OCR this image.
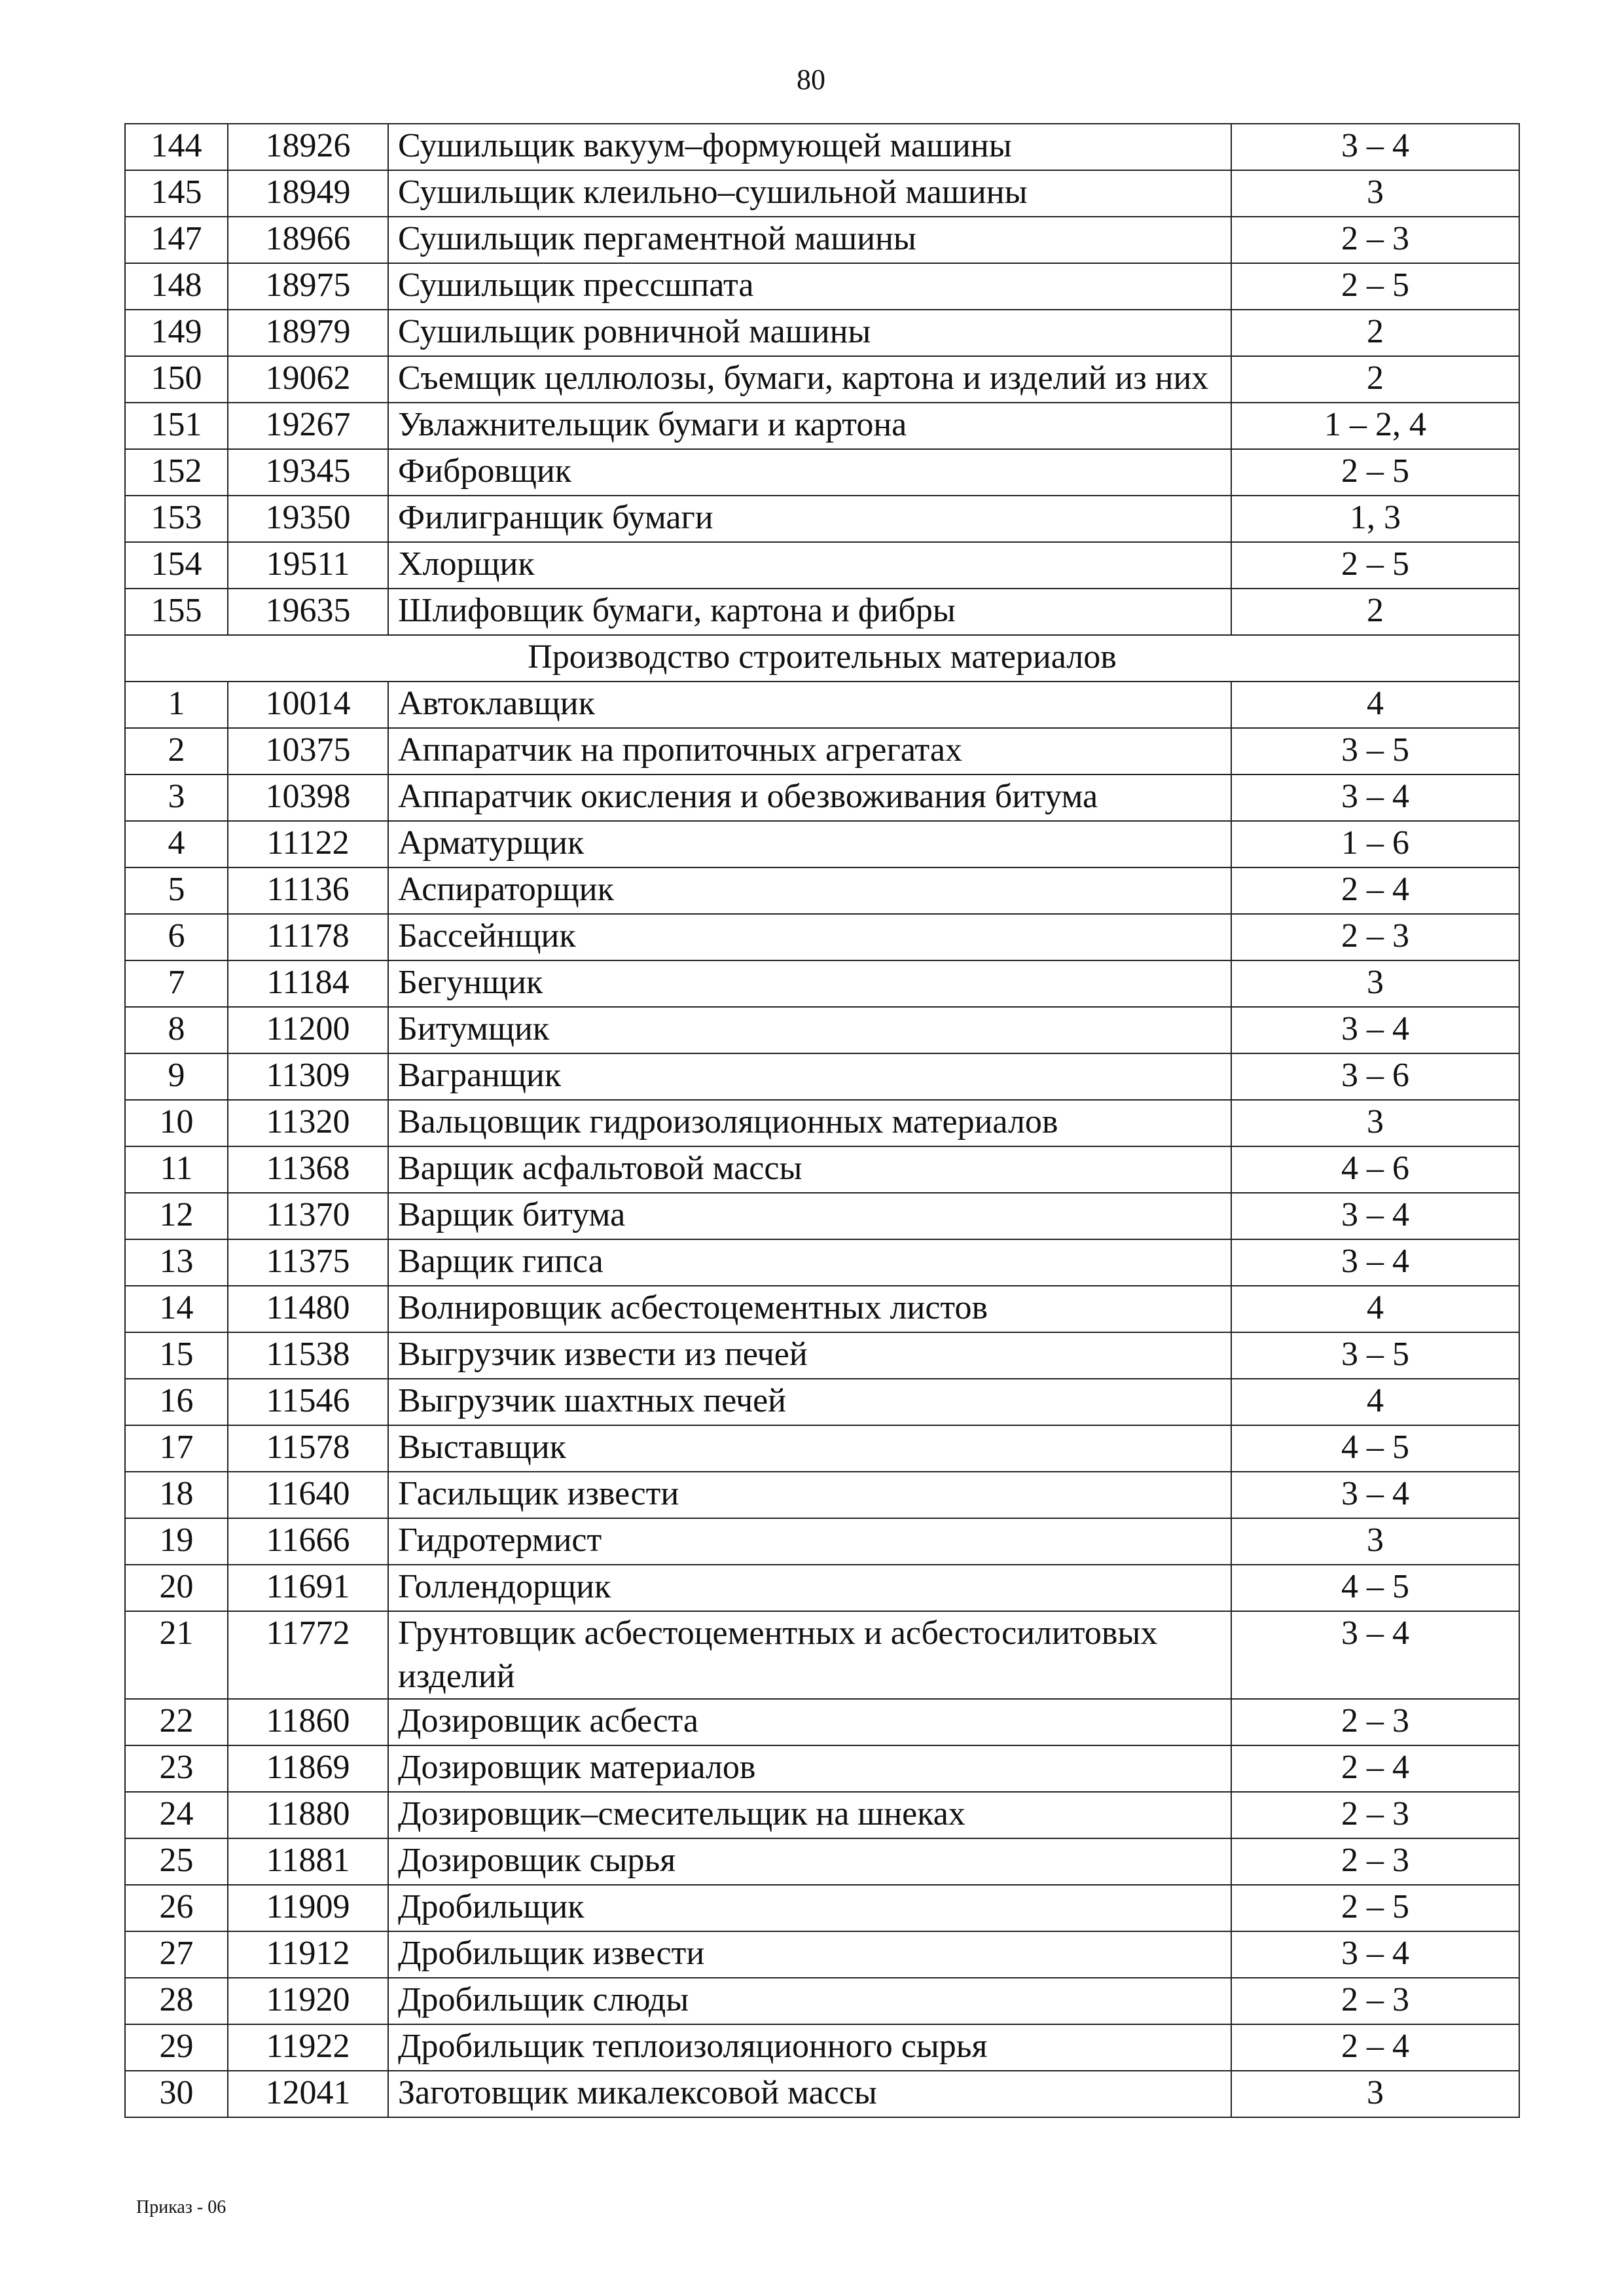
80
144	18926	Сушильщик вакуум–формующей машины	3 – 4
145	18949	Сушильщик клеильно–сушильной машины	3
147	18966	Сушильщик пергаментной машины	2 – 3
148	18975	Сушильщик прессшпата	2 – 5
149	18979	Сушильщик ровничной машины	2
150	19062	Съемщик целлюлозы, бумаги, картона и изделий из них	2
151	19267	Увлажнительщик бумаги и картона	1 – 2, 4
152	19345	Фибровщик	2 – 5
153	19350	Филигранщик бумаги	1, 3
154	19511	Хлорщик	2 – 5
155	19635	Шлифовщик бумаги, картона и фибры	2
Производство строительных материалов			
1	10014	Автоклавщик	4
2	10375	Аппаратчик на пропиточных агрегатах	3 – 5
3	10398	Аппаратчик окисления и обезвоживания битума	3 – 4
4	11122	Арматурщик	1 – 6
5	11136	Аспираторщик	2 – 4
6	11178	Бассейнщик	2 – 3
7	11184	Бегунщик	3
8	11200	Битумщик	3 – 4
9	11309	Вагранщик	3 – 6
10	11320	Вальцовщик гидроизоляционных материалов	3
11	11368	Варщик асфальтовой массы	4 – 6
12	11370	Варщик битума	3 – 4
13	11375	Варщик гипса	3 – 4
14	11480	Волнировщик асбестоцементных листов	4
15	11538	Выгрузчик извести из печей	3 – 5
16	11546	Выгрузчик шахтных печей	4
17	11578	Выставщик	4 – 5
18	11640	Гасильщик извести	3 – 4
19	11666	Гидротермист	3
20	11691	Голлендорщик	4 – 5
21	11772	Грунтовщик асбестоцементных и асбестосилитовых изделий	3 – 4
22	11860	Дозировщик асбеста	2 – 3
23	11869	Дозировщик материалов	2 – 4
24	11880	Дозировщик–смесительщик на шнеках	2 – 3
25	11881	Дозировщик сырья	2 – 3
26	11909	Дробильщик	2 – 5
27	11912	Дробильщик извести	3 – 4
28	11920	Дробильщик слюды	2 – 3
29	11922	Дробильщик теплоизоляционного сырья	2 – 4
30	12041	Заготовщик микалексовой массы	3
Приказ - 06
